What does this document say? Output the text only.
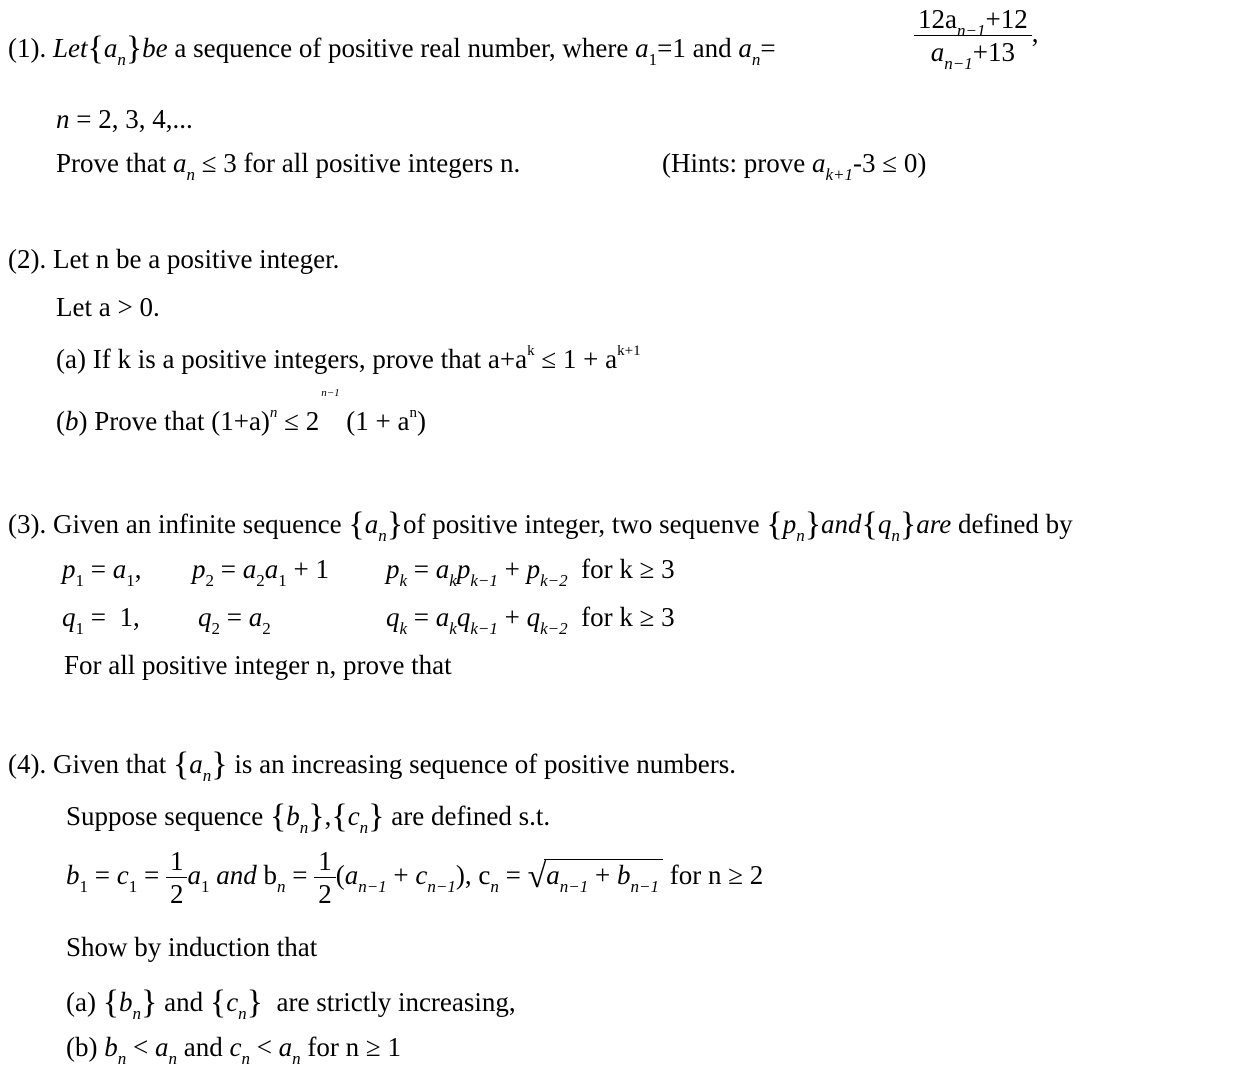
(1). $Let\{a_n\}be$ a sequence of positive real number, where $a_1=1$ and $a_n=$	$\frac{12a_{n-1}+12}{a_{n-1}+13}$ ,
n = 2, 3, 4,...
Prove that $a_n \le 3$ for all positive integers n.	(Hints: prove $a_{k+1}-3 \le 0$)
(2). Let n be a positive integer.
Let a > 0.
(a) If k is a positive integers, prove that $a+a^k \le 1 + a^{k+1}$
(b) Prove that $(1+a)^n \le 2$
n−1
$(1 + a^n)$
(3). Given an infinite sequence $\{a_n\}of$ positive integer, two sequenve $\{p_n\}and\{q_n\}are$ defined by
$p_1 = a_1$, $p_2 = a_2a_1 + 1$ $p_k = a_kp_{k-1} + p_{k-2}$ for k ≥ 3
$q_1 = 1$, $q_2 = a_2$	$q_k = a_kq_{k-1} + q_{k-2}$ for k ≥ 3
For all positive integer n, prove that
(4). Given that $\{a_n\}$ is an increasing sequence of positive numbers.
Suppose sequence $\{b_n\},\{c_n\}$ are defined s.t.
$b_1 = c_1 = \frac{1}{2} a_1$ and $b_n = \frac{1}{2} (a_{n-1} + c_{n-1})$, $c_n = √a_{n-1} + b_{n-1}$ for n ≥ 2
Show by induction that
(a) $\{b_n\}$ and $\{c_n\}$ are strictly increasing,
(b) $b_n < a_n$ and $c_n < a_n$ for n ≥ 1
